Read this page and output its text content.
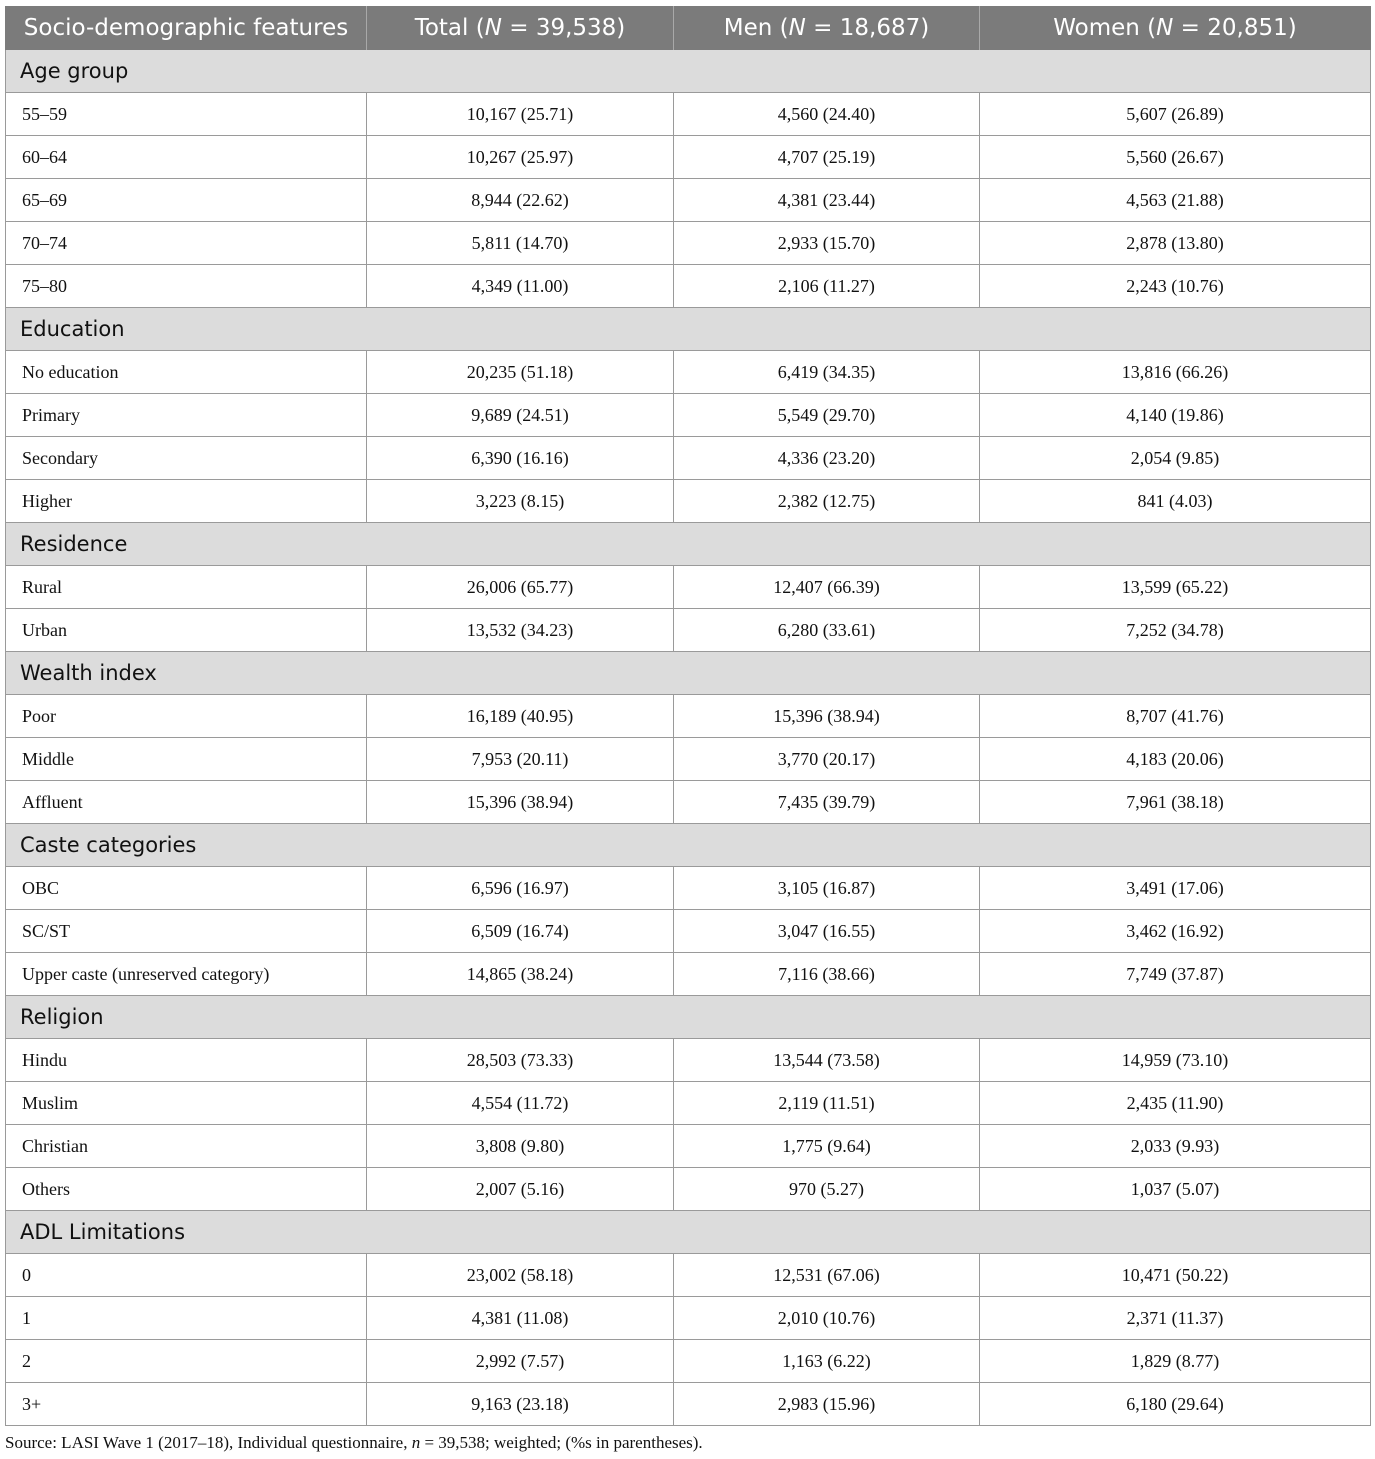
Socio-demographic features	Total (N = 39,538)	Men (N = 18,687)	Women (N = 20,851)
Age group			
55–59	10,167 (25.71)	4,560 (24.40)	5,607 (26.89)
60–64	10,267 (25.97)	4,707 (25.19)	5,560 (26.67)
65–69	8,944 (22.62)	4,381 (23.44)	4,563 (21.88)
70–74	5,811 (14.70)	2,933 (15.70)	2,878 (13.80)
75–80	4,349 (11.00)	2,106 (11.27)	2,243 (10.76)
Education			
No education	20,235 (51.18)	6,419 (34.35)	13,816 (66.26)
Primary	9,689 (24.51)	5,549 (29.70)	4,140 (19.86)
Secondary	6,390 (16.16)	4,336 (23.20)	2,054 (9.85)
Higher	3,223 (8.15)	2,382 (12.75)	841 (4.03)
Residence			
Rural	26,006 (65.77)	12,407 (66.39)	13,599 (65.22)
Urban	13,532 (34.23)	6,280 (33.61)	7,252 (34.78)
Wealth index			
Poor	16,189 (40.95)	15,396 (38.94)	8,707 (41.76)
Middle	7,953 (20.11)	3,770 (20.17)	4,183 (20.06)
Affluent	15,396 (38.94)	7,435 (39.79)	7,961 (38.18)
Caste categories			
OBC	6,596 (16.97)	3,105 (16.87)	3,491 (17.06)
SC/ST	6,509 (16.74)	3,047 (16.55)	3,462 (16.92)
Upper caste (unreserved category)	14,865 (38.24)	7,116 (38.66)	7,749 (37.87)
Religion			
Hindu	28,503 (73.33)	13,544 (73.58)	14,959 (73.10)
Muslim	4,554 (11.72)	2,119 (11.51)	2,435 (11.90)
Christian	3,808 (9.80)	1,775 (9.64)	2,033 (9.93)
Others	2,007 (5.16)	970 (5.27)	1,037 (5.07)
ADL Limitations			
0	23,002 (58.18)	12,531 (67.06)	10,471 (50.22)
1	4,381 (11.08)	2,010 (10.76)	2,371 (11.37)
2	2,992 (7.57)	1,163 (6.22)	1,829 (8.77)
3+	9,163 (23.18)	2,983 (15.96)	6,180 (29.64)
Source: LASI Wave 1 (2017–18), Individual questionnaire, n = 39,538; weighted; (%s in parentheses).
